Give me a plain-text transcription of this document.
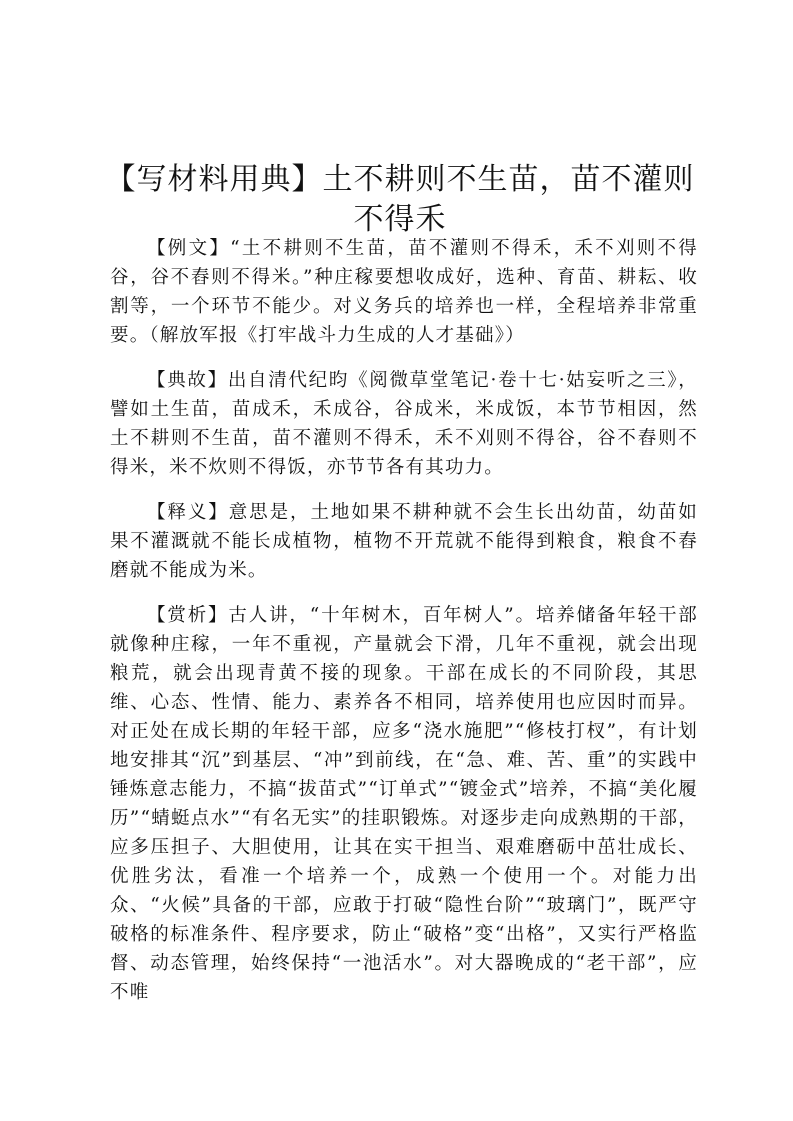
【写材料用典】土不耕则不生苗，苗不灌则不得禾

【例文】“土不耕则不生苗，苗不灌则不得禾，禾不刈则不得谷，谷不舂则不得米。”种庄稼要想收成好，选种、育苗、耕耘、收割等，一个环节不能少。对义务兵的培养也一样，全程培养非常重要。（解放军报《打牢战斗力生成的人才基础》）

【典故】出自清代纪昀《阅微草堂笔记·卷十七·姑妄听之三》，譬如土生苗，苗成禾，禾成谷，谷成米，米成饭，本节节相因，然土不耕则不生苗，苗不灌则不得禾，禾不刈则不得谷，谷不舂则不得米，米不炊则不得饭，亦节节各有其功力。

【释义】意思是，土地如果不耕种就不会生长出幼苗，幼苗如果不灌溉就不能长成植物，植物不开荒就不能得到粮食，粮食不舂磨就不能成为米。

【赏析】古人讲，“十年树木，百年树人”。培养储备年轻干部就像种庄稼，一年不重视，产量就会下滑，几年不重视，就会出现粮荒，就会出现青黄不接的现象。干部在成长的不同阶段，其思维、心态、性情、能力、素养各不相同，培养使用也应因时而异。对正处在成长期的年轻干部，应多“浇水施肥”“修枝打杈”，有计划地安排其“沉”到基层、“冲”到前线，在“急、难、苦、重”的实践中锤炼意志能力，不搞“拔苗式”“订单式”“镀金式”培养，不搞“美化履历”“蜻蜓点水”“有名无实”的挂职锻炼。对逐步走向成熟期的干部，应多压担子、大胆使用，让其在实干担当、艰难磨砺中茁壮成长、优胜劣汰，看准一个培养一个，成熟一个使用一个。对能力出众、“火候”具备的干部，应敢于打破“隐性台阶”“玻璃门”，既严守破格的标准条件、程序要求，防止“破格”变“出格”，又实行严格监督、动态管理，始终保持“一池活水”。对大器晚成的“老干部”，应不唯
